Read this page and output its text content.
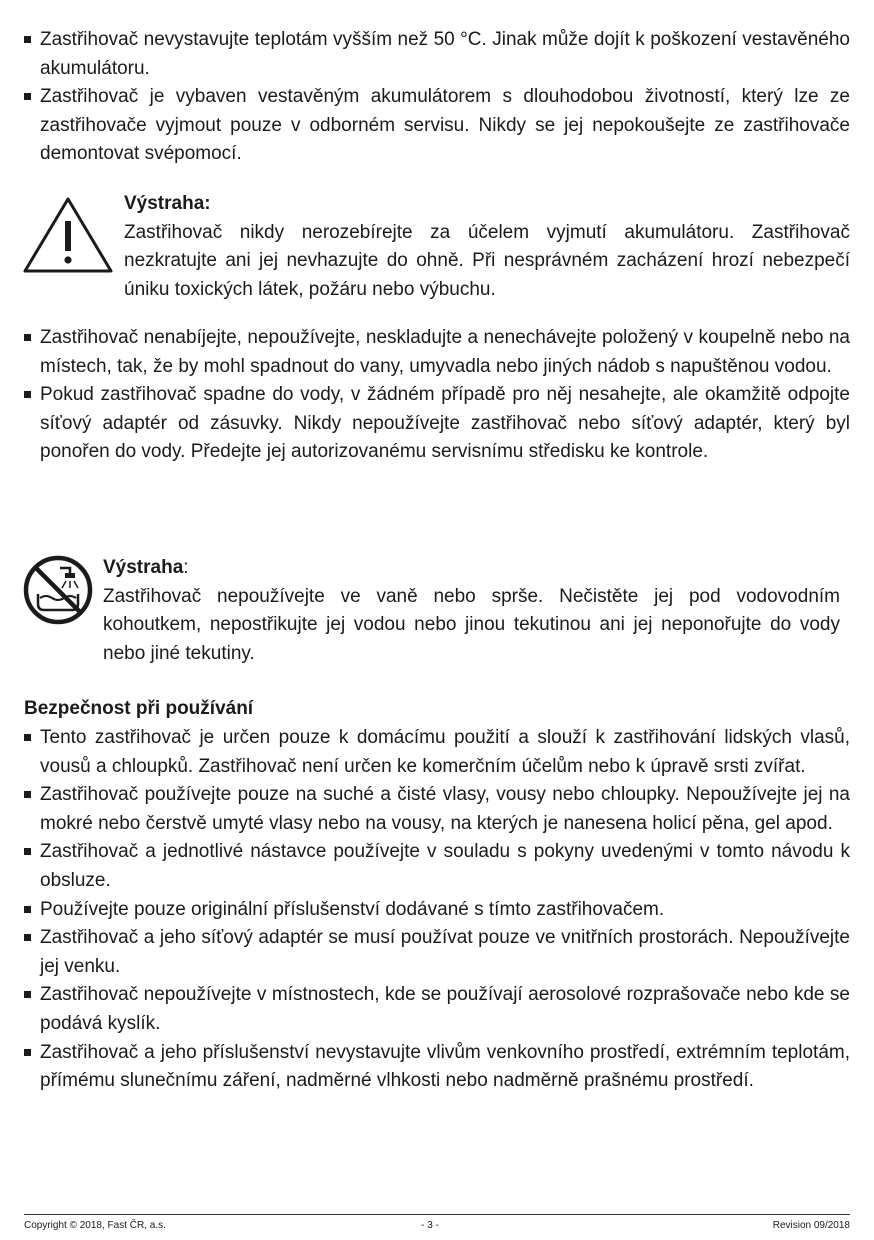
Zastřihovač nevystavujte teplotám vyšším než 50 °C. Jinak může dojít k poškození vestavěného akumulátoru.
Zastřihovač je vybaven vestavěným akumulátorem s dlouhodobou životností, který lze ze zastřihovače vyjmout pouze v odborném servisu. Nikdy se jej nepokoušejte ze zastřihovače demontovat svépomocí.
Výstraha:
Zastřihovač nikdy nerozebírejte za účelem vyjmutí akumulátoru. Zastřihovač nezkratujte ani jej nevhazujte do ohně. Při nesprávném zacházení hrozí nebezpečí úniku toxických látek, požáru nebo výbuchu.
Zastřihovač nenabíjejte, nepoužívejte, neskladujte a nenechávejte položený v koupelně nebo na místech, tak, že by mohl spadnout do vany, umyvadla nebo jiných nádob s napuštěnou vodou.
Pokud zastřihovač spadne do vody, v žádném případě pro něj nesahejte, ale okamžitě odpojte síťový adaptér od zásuvky. Nikdy nepoužívejte zastřihovač nebo síťový adaptér, který byl ponořen do vody. Předejte jej autorizovanému servisnímu středisku ke kontrole.
Výstraha:
Zastřihovač nepoužívejte ve vaně nebo sprše. Nečistěte jej pod vodovodním kohoutkem, nepostřikujte jej vodou nebo jinou tekutinou ani jej neponořujte do vody nebo jiné tekutiny.
Bezpečnost při používání
Tento zastřihovač je určen pouze k domácímu použití a slouží k zastřihování lidských vlasů, vousů a chloupků. Zastřihovač není určen ke komerčním účelům nebo k úpravě srsti zvířat.
Zastřihovač používejte pouze na suché a čisté vlasy, vousy nebo chloupky. Nepoužívejte jej na mokré nebo čerstvě umyté vlasy nebo na vousy, na kterých je nanesena holicí pěna, gel apod.
Zastřihovač a jednotlivé nástavce používejte v souladu s pokyny uvedenými v tomto návodu k obsluze.
Používejte pouze originální příslušenství dodávané s tímto zastřihovačem.
Zastřihovač a jeho síťový adaptér se musí používat pouze ve vnitřních prostorách. Nepoužívejte jej venku.
Zastřihovač nepoužívejte v místnostech, kde se používají aerosolové rozprašovače nebo kde se podává kyslík.
Zastřihovač a jeho příslušenství nevystavujte vlivům venkovního prostředí, extrémním teplotám, přímému slunečnímu záření, nadměrné vlhkosti nebo nadměrně prašnému prostředí.
Copyright © 2018, Fast ČR, a.s.	- 3 -	Revision 09/2018
